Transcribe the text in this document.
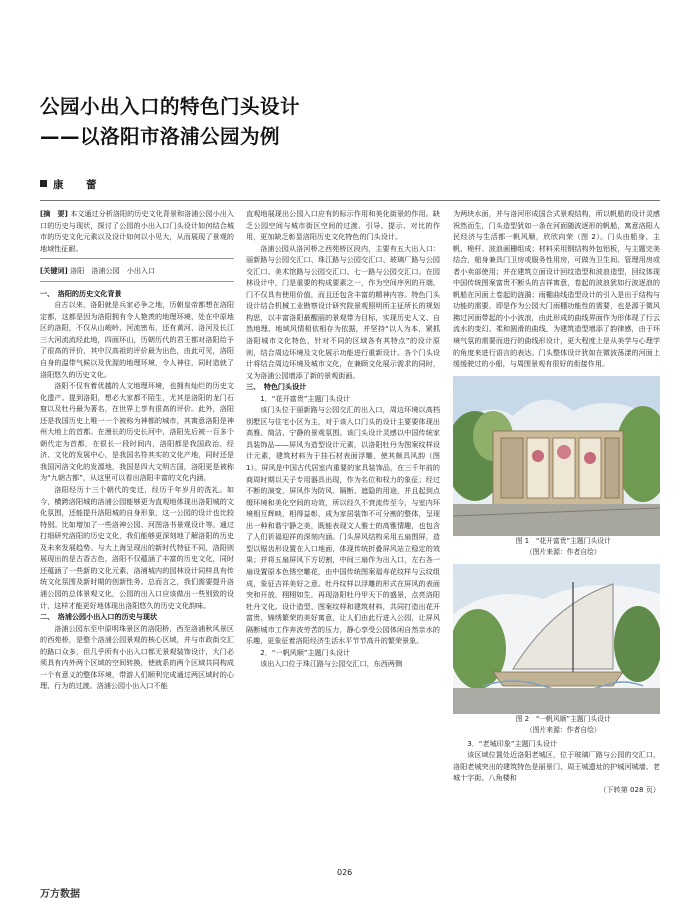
公园小出入口的特色门头设计
——以洛阳市洛浦公园为例
康　蕾

[摘　要] 本文通过分析洛阳的历史文化背景和洛浦公园小出入口的历史与现状，探讨了公园的小出入口门头设计如何结合城市的历史文化元素以及设计如何以小见大，从而展现了景观的地域性征耐。

[关键词] 洛阳　洛浦公园　小出入口

一、　洛阳的历史文化背景

自古以来，洛阳就是兵家必争之地，历朝皇帝都想在洛阳定都，这都是因为洛阳拥有令人艳羡的地理环境，处在中原地区的洛阳，不仅从山峻岭、河流密布，还有黄河、洛河及长江三大河流流经此地，四面环山，历朝历代的君王都对洛阳给予了很高的评价，其中汉高祖的评价最为出色，由此可见，洛阳自身的温带气候以及优渥的地理环境，令人神往，同时造就了洛阳悠久的历史文化。

洛阳不仅有着优越的人文地理环境，也拥有灿烂的历史文化遗产。提到洛阳，想必大家都不陌生，尤其是洛阳的龙门石窟以及牡丹最为著名，在世界上享有很高的评价。此外，洛阳还是我国历史上唯一一个被称为神都的城市，其寓意洛阳是神州大地上的首都。在漫长的历史长河中，洛阳先后被一百多个朝代定为首都，在很长一段时间内，洛阳都是我国政治、经济、文化的发展中心，是我国名符其实的文化产地，同时还是我国河洛文化的发源地，我国是四大文明古国，洛阳更是被称为“九朝古都”，从这里可以看出洛阳丰富的文化内涵。

洛阳经历十三个朝代的变迁，经历千年岁月的洗礼。如今，横跨洛阳城的洛浦公园能够更为直观地体现出洛阳城的文化氛围，还能提升洛阳城的自身形象，这一公园的设计也比较特别。比如增加了一些洛神公园、河图洛书景观设计等。通过打细研究洛阳的历史文化，我们能够更深刻地了解洛阳的历史及未来发展趋势。与大上海呈现出的新时代特征不同，洛阳则展现出的是古香古色，洛阳不仅蕴涵了丰富的历史文化，同时还蕴涵了一些新的文化元素，洛浦城内的园林设计同样具有传统文化氛围及新时期的创新性务。总而言之，我们需要提升洛浦公园的总体景观文化，公园的出入口应该做出一些别致的设计，这样才能更好地体现出洛阳悠久的历史文化韵味。

二、　洛浦公园小出入口的历史与现状

洛浦公园东至中原明珠景区的洛阳桥，西至洛浦秋风景区的西苑桥，是整个洛浦公园景观的核心区域，并与市政街交汇的路口众多，但几乎所有小出入口都无景观装饰设计，大门必须具有内外两个区域的空间转换，使就系的两个区域共同构成一个有意义的整体环境，带游人们顺利完成通过两区域时的心理、行为的过渡。洛浦公园小出入口不能

直观地展现出公园入口应有的标示作用和美化街景的作用。缺乏公园空间与城市街区空间的过渡、引导、提示、对比的作用，更加缺乏彰显洛阳历史文化特色的门头设计。

洛浦公园从洛河桥之西苑桥区段内，主要有五大出入口：丽新路与公园交汇口、珠江路与公园交汇口、玻璃厂路与公园交汇口、美术馆路与公园交汇口、七一路与公园交汇口。在园林设计中，门是重要的构成要素之一，作为空间序列的开端，门不仅具有使用价值，而且还包含丰富的精神内容。特色门头设计结合机械工业勘察设计研究院景观照明所主征所长的规划构思，以丰富洛阳最醒丽的景观带为目标，实现历史人文、自然地理、地域风情相依相存为依据，并坚持“以人为本，紧抓洛阳城市文化特色，针对不同的区域各有其特点”的设计原则，结合周边环境及文化展示功能进行重新设计。各个门头设计将结合周边环境及城市文化，在兼顾文化展示需求的同时，又为洛浦公园增添了新的景观街画。

三、　特色门头设计

1．“花开富贵”主题门头设计

该门头位于丽新路与公园交汇的出入口，周边环境以高档别墅区与住宅小区为主，对于该入口门头的设计主要要体现出高雅、简洁、宁静的景观氛围。该门头设计灵感以中国传统家具装饰品——屏风为造型设计元素，以洛阳牡丹为图案纹样设计元素，建筑材料为于挂石材表面浮雕，使其颇具风韵（图 1）。屏风是中国古代居室内重要的家具装饰品，在三千年前的商周时期以天子专用器具出现，作为名位和权力的象征；经过不断的演变，屏风作为防风、隔断、遮隐的用途，并且起到点缀环境和美化空间的功效，所以经久不衰流传至今，与室内环境相互辉映，相得益彰，成为家居装饰不可分割的整体，呈现出一种和谐宁静之美，既能表现文人雅士的高雅情趣，也包含了人们祈福迎祥的深刻内涵。门头屏风结构采用五扇围屏，造型以锯齿形设置在入口地面，体现传统折叠屏风站立稳定的效果；并将五扇屏风下方切割，中间三扇作为出入口，左右各一扇设置原本色锈空雕花，由中国传统图案福寿花纹样与云纹组成，象征吉祥美好之意。牡丹纹样以浮雕的形式在屏风的表面突和开放，栩栩如生，再现洛阳牡丹甲天下的盛景，点亮洛阳牡丹文化。设计造型、图案纹样和建筑材料，共同打造出花开富贵、锦绣繁荣的美好寓意，让人们由此行进入公园，让屏风隔断城市工作奔波劳苦的压力，静心享受公园体闲自然亲水的乐趣，更象征着洛阳经济生活水平节节高升的繁荣景象。

2．“一帆风顺”主题门头设计

该出入口位于珠江路与公园交汇口，东西两侧

为两块水面，并与洛河形成国合式景观结构，所以帆船的设计灵感祝然而生，门头造型犹如一条在河面随波逐形的帆船，寓意洛阳人民经济与生活都一帆风顺，欣欣向荣（图 2）。门头由船身、主帆、桅杆、波浪画栅组成；材料采用钢结构外包铝板，与主题完美结合，船身兼具门卫房或服务性用房，可做为卫生间、管理用房或者小卖部使用；并在建筑立面设计回纹造型和波浪造型，回纹体现中国传统图案富贵不断头的吉祥寓意，卷起的波浪犹如行波逐浪的帆船在河面上卷起的涟漪；雨棚曲线造型设计的引入是出于结构与功能的需要，即是作为公园大门雨棚功能性的需要，也是源于微风拂过河面带起的小小波浪，由此形成的曲线界面作为形体现了行云流水的变幻、柔和圆滑的曲线，为建筑造型增添了韵律感，由于环境气氛的需要而进行的曲线形设计，更大程度上是从美学与心理学的角度来进行语言的表达。门头整体设计犹如在微波荡漾的河面上缓缓驶过的小船，与周围景观有很好的衔接作用。

图 1　“花开富贵”主题门头设计

（图片来源：作者自绘）

图 2　“一帆风顺”主题门头设计

（图片来源：作者自绘）

3．“老城印象”主题门头设计

该区域位置处近洛阳老城区，位于玻璃厂路与公园的交汇口，洛阳老城突出的建筑特色是丽景门、周王城遗址的护城河城墙、老城十字街、八角楼和

（下转第 028 页）

026
万方数据
